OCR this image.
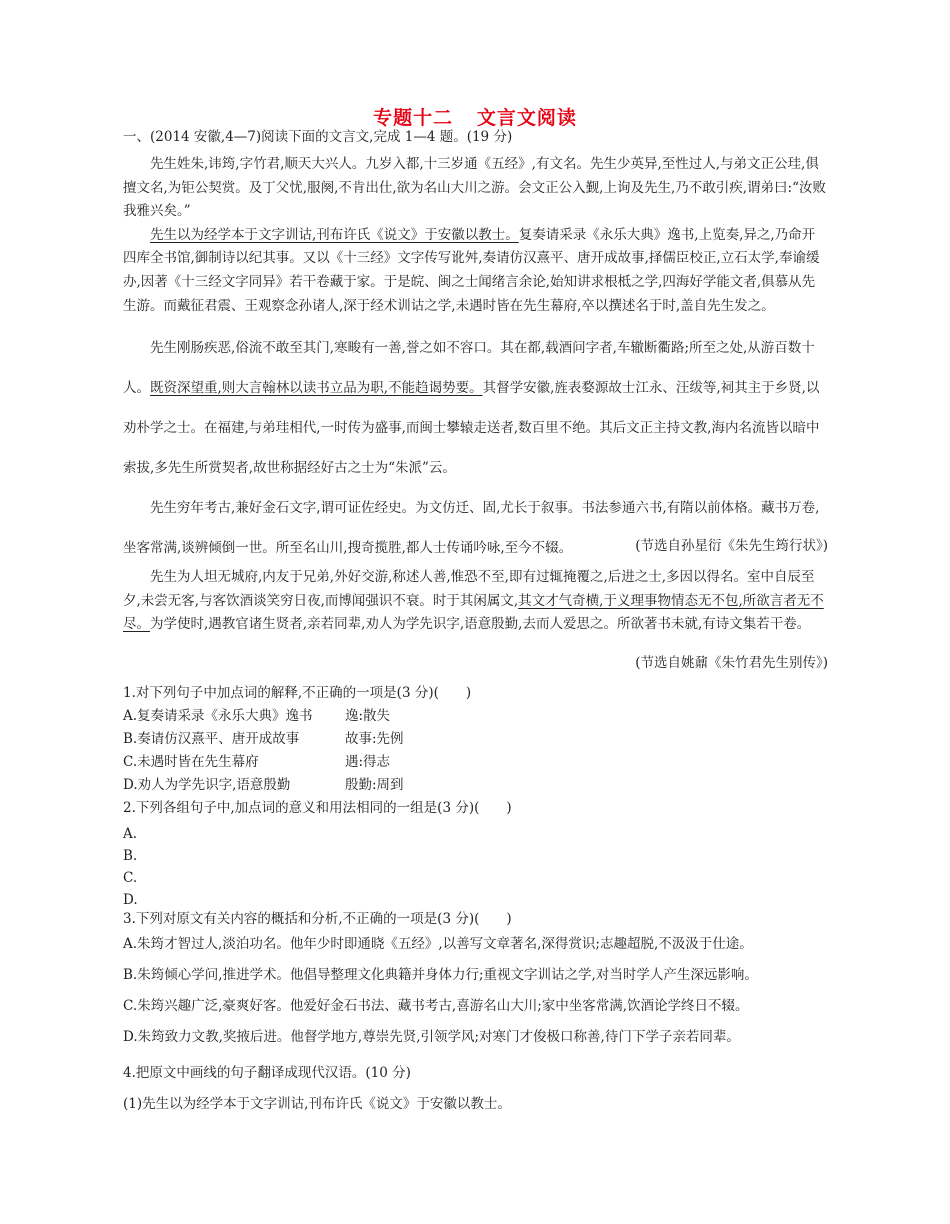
专题十二 文言文阅读

一、(2014 安徽,4—7)阅读下面的文言文,完成 1—4 题。(19 分)

先生姓朱,讳筠,字竹君,顺天大兴人。九岁入都,十三岁通《五经》,有文名。先生少英异,至性过人,与弟文正公珪,俱擅文名,为钜公契赏。及丁父忧,服阕,不肯出仕,欲为名山大川之游。会文正公入觐,上询及先生,乃不敢引疾,谓弟曰:“汝败我雅兴矣。”

先生以为经学本于文字训诂,刊布许氏《说文》于安徽以教士。复奏请采录《永乐大典》逸书,上览奏,异之,乃命开四库全书馆,御制诗以纪其事。又以《十三经》文字传写讹舛,奏请仿汉熹平、唐开成故事,择儒臣校正,立石太学,奉谕缓办,因著《十三经文字同异》若干卷藏于家。于是皖、闽之士闻绪言余论,始知讲求根柢之学,四海好学能文者,俱慕从先生游。而戴征君震、王观察念孙诸人,深于经术训诂之学,未遇时皆在先生幕府,卒以撰述名于时,盖自先生发之。

先生刚肠疾恶,俗流不敢至其门,寒畯有一善,誉之如不容口。其在都,载酒问字者,车辙断衢路;所至之处,从游百数十人。既资深望重,则大言翰林以读书立品为职,不能趋谒势要。其督学安徽,旌表婺源故士江永、汪绂等,祠其主于乡贤,以劝朴学之士。在福建,与弟珪相代,一时传为盛事,而闽士攀辕走送者,数百里不绝。其后文正主持文教,海内名流皆以暗中索拔,多先生所赏契者,故世称据经好古之士为“朱派”云。

先生穷年考古,兼好金石文字,谓可证佐经史。为文仿迁、固,尤长于叙事。书法参通六书,有隋以前体格。藏书万卷,坐客常满,谈辨倾倒一世。所至名山川,搜奇揽胜,都人士传诵吟咏,至今不辍。	(节选自孙星衍《朱先生筠行状》)

先生为人坦无城府,内友于兄弟,外好交游,称述人善,惟恐不至,即有过辄掩覆之,后进之士,多因以得名。室中自辰至夕,未尝无客,与客饮酒谈笑穷日夜,而博闻强识不衰。时于其闲属文,其文才气奇横,于义理事物情态无不包,所欲言者无不尽。为学使时,遇教官诸生贤者,亲若同辈,劝人为学先识字,语意殷勤,去而人爱思之。所欲著书未就,有诗文集若干卷。

(节选自姚鼐《朱竹君先生别传》)

1.对下列句子中加点词的解释,不正确的一项是(3 分)(　　)

A.复奏请采录《永乐大典》逸书 逸:散失

B.奏请仿汉熹平、唐开成故事	故事:先例

C.未遇时皆在先生幕府	遇:得志

D.劝人为学先识字,语意殷勤	殷勤:周到

2.下列各组句子中,加点词的意义和用法相同的一组是(3 分)(　　)

A.

B.

C.

D.

3.下列对原文有关内容的概括和分析,不正确的一项是(3 分)(　　)

A.朱筠才智过人,淡泊功名。他年少时即通晓《五经》,以善写文章著名,深得赏识;志趣超脱,不汲汲于仕途。

B.朱筠倾心学问,推进学术。他倡导整理文化典籍并身体力行;重视文字训诂之学,对当时学人产生深远影响。

C.朱筠兴趣广泛,豪爽好客。他爱好金石书法、藏书考古,喜游名山大川;家中坐客常满,饮酒论学终日不辍。

D.朱筠致力文教,奖掖后进。他督学地方,尊崇先贤,引领学风;对寒门才俊极口称善,待门下学子亲若同辈。

4.把原文中画线的句子翻译成现代汉语。(10 分)

(1)先生以为经学本于文字训诂,刊布许氏《说文》于安徽以教士。
